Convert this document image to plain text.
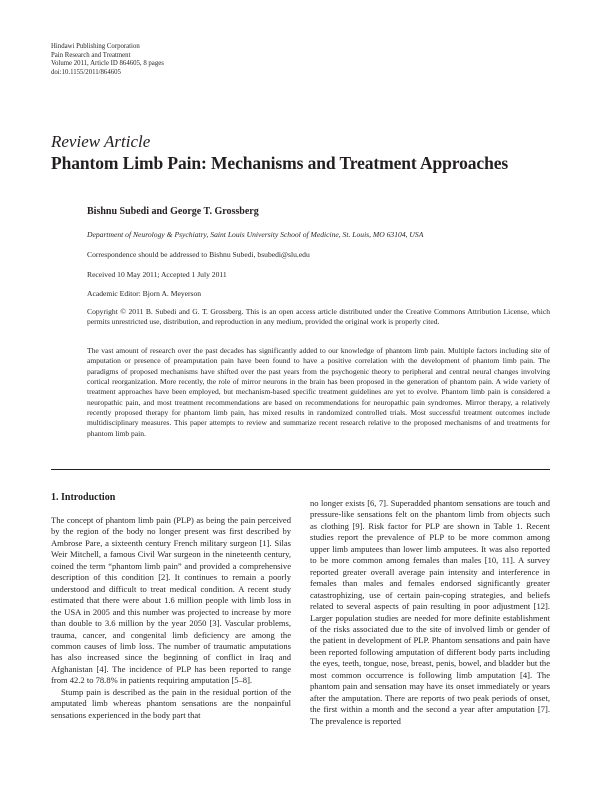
Hindawi Publishing Corporation
Pain Research and Treatment
Volume 2011, Article ID 864605, 8 pages
doi:10.1155/2011/864605
Review Article
Phantom Limb Pain: Mechanisms and Treatment Approaches
Bishnu Subedi and George T. Grossberg
Department of Neurology & Psychiatry, Saint Louis University School of Medicine, St. Louis, MO 63104, USA
Correspondence should be addressed to Bishnu Subedi, bsubedi@slu.edu
Received 10 May 2011; Accepted 1 July 2011
Academic Editor: Bjorn A. Meyerson
Copyright © 2011 B. Subedi and G. T. Grossberg. This is an open access article distributed under the Creative Commons Attribution License, which permits unrestricted use, distribution, and reproduction in any medium, provided the original work is properly cited.
The vast amount of research over the past decades has significantly added to our knowledge of phantom limb pain. Multiple factors including site of amputation or presence of preamputation pain have been found to have a positive correlation with the development of phantom limb pain. The paradigms of proposed mechanisms have shifted over the past years from the psychogenic theory to peripheral and central neural changes involving cortical reorganization. More recently, the role of mirror neurons in the brain has been proposed in the generation of phantom pain. A wide variety of treatment approaches have been employed, but mechanism-based specific treatment guidelines are yet to evolve. Phantom limb pain is considered a neuropathic pain, and most treatment recommendations are based on recommendations for neuropathic pain syndromes. Mirror therapy, a relatively recently proposed therapy for phantom limb pain, has mixed results in randomized controlled trials. Most successful treatment outcomes include multidisciplinary measures. This paper attempts to review and summarize recent research relative to the proposed mechanisms of and treatments for phantom limb pain.
1. Introduction

The concept of phantom limb pain (PLP) as being the pain perceived by the region of the body no longer present was first described by Ambrose Pare, a sixteenth century French military surgeon [1]. Silas Weir Mitchell, a famous Civil War surgeon in the nineteenth century, coined the term “phantom limb pain” and provided a comprehensive description of this condition [2]. It continues to remain a poorly understood and difficult to treat medical condition. A recent study estimated that there were about 1.6 million people with limb loss in the USA in 2005 and this number was projected to increase by more than double to 3.6 million by the year 2050 [3]. Vascular problems, trauma, cancer, and congenital limb deficiency are among the common causes of limb loss. The number of traumatic amputations has also increased since the beginning of conflict in Iraq and Afghanistan [4]. The incidence of PLP has been reported to range from 42.2 to 78.8% in patients requiring amputation [5–8].

Stump pain is described as the pain in the residual portion of the amputated limb whereas phantom sensations are the nonpainful sensations experienced in the body part that

no longer exists [6, 7]. Superadded phantom sensations are touch and pressure-like sensations felt on the phantom limb from objects such as clothing [9]. Risk factor for PLP are shown in Table 1. Recent studies report the prevalence of PLP to be more common among upper limb amputees than lower limb amputees. It was also reported to be more common among females than males [10, 11]. A survey reported greater overall average pain intensity and interference in females than males and females endorsed significantly greater catastrophizing, use of certain pain-coping strategies, and beliefs related to several aspects of pain resulting in poor adjustment [12]. Larger population studies are needed for more definite establishment of the risks associated due to the site of involved limb or gender of the patient in development of PLP. Phantom sensations and pain have been reported following amputation of different body parts including the eyes, teeth, tongue, nose, breast, penis, bowel, and bladder but the most common occurrence is following limb amputation [4]. The phantom pain and sensation may have its onset immediately or years after the amputation. There are reports of two peak periods of onset, the first within a month and the second a year after amputation [7]. The prevalence is reported
